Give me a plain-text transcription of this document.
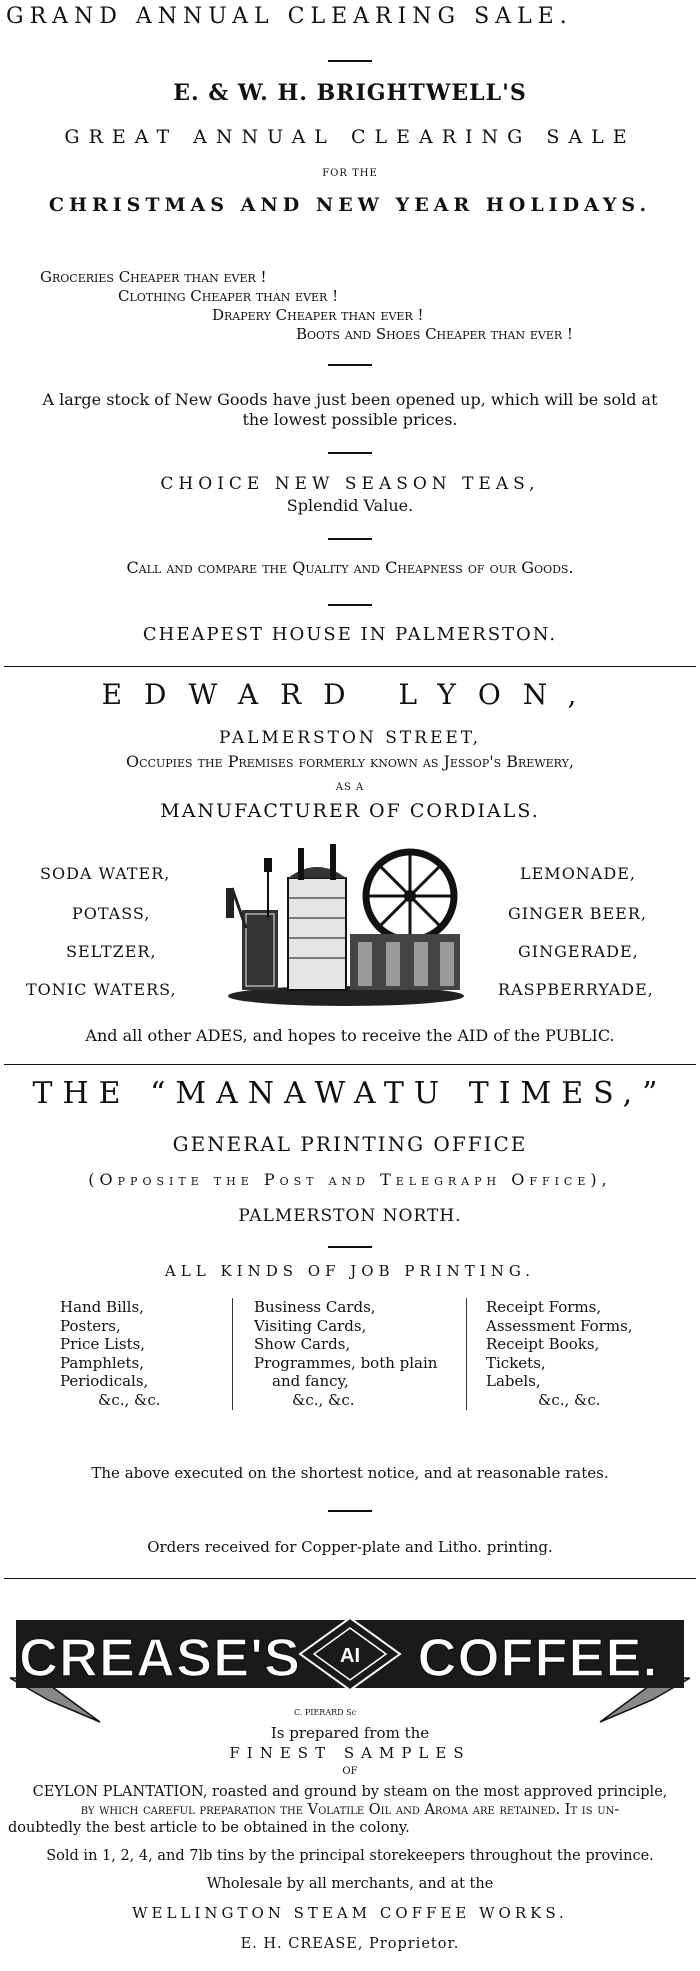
GRAND ANNUAL CLEARING SALE.
E. & W. H. BRIGHTWELL'S
GREAT ANNUAL CLEARING SALE
FOR THE
CHRISTMAS AND NEW YEAR HOLIDAYS.
Groceries Cheaper than ever !
Clothing Cheaper than ever !
Drapery Cheaper than ever !
Boots and Shoes Cheaper than ever !
A large stock of New Goods have just been opened up, which will be sold at
the lowest possible prices.
CHOICE NEW SEASON TEAS,
Splendid Value.
Call and compare the Quality and Cheapness of our Goods.
CHEAPEST HOUSE IN PALMERSTON.
EDWARD LYON,
PALMERSTON STREET,
Occupies the Premises formerly known as Jessop's Brewery,
AS A
MANUFACTURER OF CORDIALS.
SODA WATER,
POTASS,
SELTZER,
TONIC WATERS,
LEMONADE,
GINGER BEER,
GINGERADE,
RASPBERRYADE,
And all other ADES, and hopes to receive the AID of the PUBLIC.
THE “MANAWATU TIMES,”
GENERAL PRINTING OFFICE
(Opposite the Post and Telegraph Office),
PALMERSTON NORTH.
ALL KINDS OF JOB PRINTING.
Hand Bills,
Posters,
Price Lists,
Pamphlets,
Periodicals,
&c., &c.
Business Cards,
Visiting Cards,
Show Cards,
Programmes, both plain
and fancy,
&c., &c.
Receipt Forms,
Assessment Forms,
Receipt Books,
Tickets,
Labels,
&c., &c.
The above executed on the shortest notice, and at reasonable rates.
Orders received for Copper-plate and Litho. printing.
CREASE'S AI COFFEE.
C. PIERARD Sc
Is prepared from the
FINEST SAMPLES
OF
CEYLON PLANTATION, roasted and ground by steam on the most approved principle,
by which careful preparation the Volatile Oil and Aroma are retained. It is un-
doubtedly the best article to be obtained in the colony.
Sold in 1, 2, 4, and 7lb tins by the principal storekeepers throughout the province.
Wholesale by all merchants, and at the
WELLINGTON STEAM COFFEE WORKS.
E. H. CREASE, Proprietor.
